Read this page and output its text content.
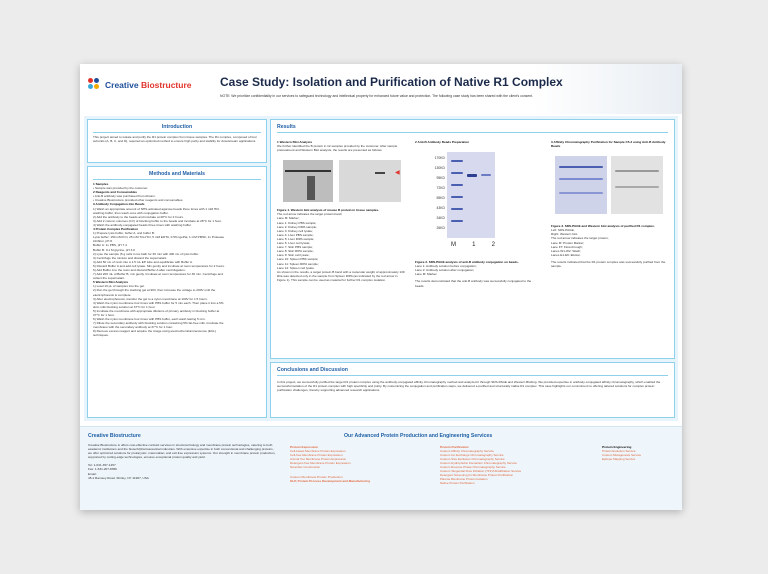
Creative Biostructure Case Study: Isolation and Purification of Native R1 Complex
NOTE: We prioritize confidentiality in our services to safeguard technology and intellectual property for enhanced future value and protection. The following case study has been shared with the client's consent.
Introduction
This project aimed to isolate and purify the R1 protein complex from tissue samples. The R1 complex, composed of four subunits (A, B, C, and D), required an optimized method to ensure high purity and stability for downstream applications.
Methods and Materials
1 Samples
• Sample was provided by the customer.
2 Reagents and Consumables
• Anti-B antibody was purchased from Abcam.
• Creative Biostructure provided other reagents and consumables.
3 Antibody Conjugation into Beads
1) Wash an appropriate amount of NHS-activated agarose beads three times with 1 mM HCl
washing buffer, then wash once with conjugation buffer.
2) Add the antibody to the beads and incubate at 28°C for 2 hours.
3) Add 2 column volumes (CV) of blocking buffer to the beads and incubate at 28°C for 1 hour.
4) Wash the antibody-conjugated beads three times with washing buffer.
4 Protein Complex Purification
1) Prepare lysis buffer, buffer A, and buffer B:
Lysis buffer: 150 mM KCl, 25 mM Tris-HCl, 5 mM EDTA, 0.5% IgePal, 1 mM PMSF, 1x Protease
inhibitor, pH 8.
Buffer A: 1x PBS, pH 7.4
Buffer B: 0.1 M glycine, pH 3.0
2) Lyse the sample (5 g cells in ice bath for 30 min with 400 mL of lysis buffer.
3) Centrifuge the mixture and discard the supernatant.
4) Add 50 mL of resin into a 1.5 mL EP tube and equilibrate with Buffer A.
5) Discard Buffer A and add cell lysate. Mix gently and incubate at room temperature for 2 hours.
6) Add Buffer A to the resin and discard Buffer A after centrifugation.
7) Add 200 mL of Buffer B, mix gently. Incubate at room temperature for 30 min. Centrifuge and
collect the supernatant.
5 Western Blot Analysis
1) Load 10 μL of samples into the gel.
2) Run the gel through the stacking gel at 90V, then increase the voltage to 200V until the
electrophoresis is complete.
3) After electrophoresis, transfer the gel to a nylon membrane at 100V for 1.5 hours.
4) Wash the nylon membrane four times with PBS buffer for 5 min each. Then place it into a 5%
skim milk blocking solution at 37°C for 1 hour.
5) Incubate the membrane with appropriate dilutions of primary antibody in blocking buffer at
37°C for 1 hour.
6) Wash the nylon membrane four times with PBS buffer, each wash lasting 5 min.
7) Dilute the secondary antibody with blocking solution containing 5% fat-free milk. Incubate the
membrane with the secondary antibody at 37°C for 1 hour.
8) Remove excess reagent and acquire the image using electrochemiluminescence (ECL)
techniques.
Results
1 Western Blot Analysis
We further identified the B protein in 12 samples provided by the customer. After sample pretreatment and Western Blot analysis, the results are presented as follows.
◀
Figure 1. Western blot analysis of mouse B protein in tissue samples.
The red arrow indicates the target protein band;
Lane M: Marker;
Lane 1: Kidney PBS sample;
Lane 2: Kidney RIPA sample;
Lane 3: Kidney cell lysate;
Lane 4: Liver PBS sample;
Lane 5: Liver RIPA sample;
Lane 6: Liver cell lysate;
Lane 7: Skin PBS sample;
Lane 8: Skin RIPA sample;
Lane 9: Skin cell lysate;
Lane 10: Spleen PBS sample;
Lane 11: Spleen RIPA sample;
Lane 12: Spleen cell lysate.
As shown in the results, a target protein B band with a molecular weight of approximately 130 kDa was detected only in the sample from Spleen RIPA (as indicated by the red arrow in Figure 1). This sample can be used as material for further R1 complex isolation.
2 Anti-B Antibody Beads Preparation
170KD
130KD
95KD
72KD
55KD
43KD
34KD
26KD
M	1	2
Figure 2. SDS-PAGE analysis of anti-B antibody conjugation on beads.
Lane 1: Antibody solution before conjugation;
Lane 2: Antibody solution after conjugation;
Lane M: Marker.
The results demonstrated that the anti-B antibody was successfully conjugated to the beads.
3 Affinity Chromatography Purification for Sample C5-2 using Anti-B Antibody Beads
Figure 3. SDS-PAGE and Western blot analysis of purified R1 complex.
Left: SDS-PAGE;
Right: Western blot.
The red arrow indicates the target protein;
Lane M: Protein Marker;
Lane FT: Flow-through;
Lanes W1-W2: Wash;
Lanes E1-E6: Elution.
The results indicated that the R1 protein complex was successfully purified from the sample.
Conclusions and Discussion
In this project, we successfully purified the target R1 protein complex using the antibody-conjugated affinity chromatography method and analyzed it through SDS-PAGE and Western Blotting. We provided expertise in antibody-conjugated affinity chromatography, which enabled the successful isolation of the R1 protein complex with high specificity and purity. By customizing the conjugation and purification steps, we delivered a purified and structurally stable R1 complex. This case highlights our commitment to offering tailored solutions for complex protein purification challenges, thereby supporting advanced research applications.
Creative Biostructure
Creative Biostructure is offers cost-effective contract services in structural biology and membrane protein technologies, catering to both academic institutions and the biotech/pharmaceutical industries. With extensive expertise in both conventional and challenging proteins, we offer optimized solutions for prokaryotic, mammalian, and cell-free expression systems. Our strength in membrane protein production, supported by cutting-edge technologies, ensures exceptional protein quality and yield.
Tel: 1-631-357-1457
Fax: 1-631-207-8356
Email:
45-1 Ramsey Road, Shirley, NY 11967, USA
Our Advanced Protein Production and Engineering Services
Protein Expression
Cell-based Membrane Protein Expression
Cell-free Membrane Protein Expression
Animal Tier Membrane Protein Expression
Detergent-free Membrane Protein Expression
Nanodisc Construction
Custom Membrane Protein Production
GLP, Protein Process Development and Manufacturing
Protein Purification
Custom Affinity Chromatography Service
Custom Ion Exchange Chromatography Service
Custom Size Exclusion Chromatography Service
Custom Hydrophobic Interaction Chromatography Service
Custom Reverse Phase Chromatography Service
Custom Tangential Flow Filtration (TFF)/Ultrafiltration Service
Detergent Screening for Membrane Protein Purification
Plasma Membrane Protein Isolation
Native Protein Purification
Protein Engineering
Protein Evolution Service
Custom Mutagenesis Service
Epitope Mapping Service
